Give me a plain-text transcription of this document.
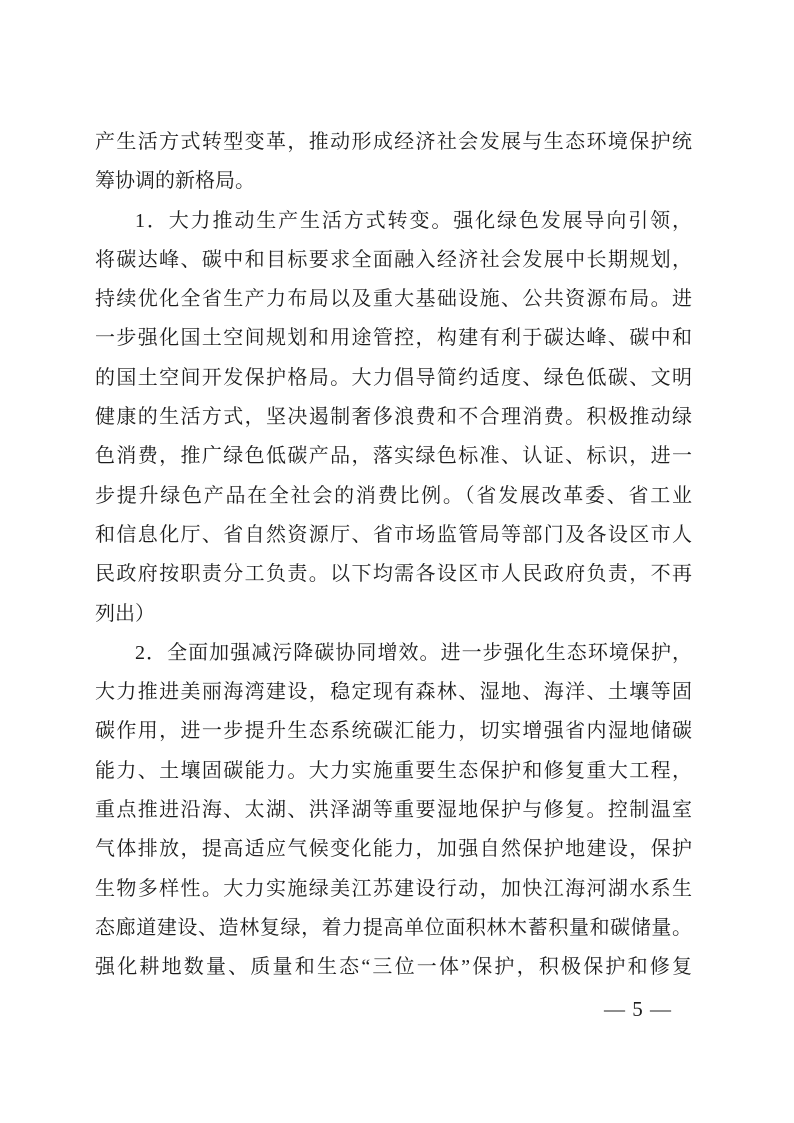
产生活方式转型变革，推动形成经济社会发展与生态环境保护统
筹协调的新格局。
1．大力推动生产生活方式转变。强化绿色发展导向引领，
将碳达峰、碳中和目标要求全面融入经济社会发展中长期规划，
持续优化全省生产力布局以及重大基础设施、公共资源布局。进
一步强化国土空间规划和用途管控，构建有利于碳达峰、碳中和
的国土空间开发保护格局。大力倡导简约适度、绿色低碳、文明
健康的生活方式，坚决遏制奢侈浪费和不合理消费。积极推动绿
色消费，推广绿色低碳产品，落实绿色标准、认证、标识，进一
步提升绿色产品在全社会的消费比例。（省发展改革委、省工业
和信息化厅、省自然资源厅、省市场监管局等部门及各设区市人
民政府按职责分工负责。以下均需各设区市人民政府负责，不再
列出）
2．全面加强减污降碳协同增效。进一步强化生态环境保护，
大力推进美丽海湾建设，稳定现有森林、湿地、海洋、土壤等固
碳作用，进一步提升生态系统碳汇能力，切实增强省内湿地储碳
能力、土壤固碳能力。大力实施重要生态保护和修复重大工程，
重点推进沿海、太湖、洪泽湖等重要湿地保护与修复。控制温室
气体排放，提高适应气候变化能力，加强自然保护地建设，保护
生物多样性。大力实施绿美江苏建设行动，加快江海河湖水系生
态廊道建设、造林复绿，着力提高单位面积林木蓄积量和碳储量。
强化耕地数量、质量和生态“三位一体”保护，积极保护和修复
— 5 —
